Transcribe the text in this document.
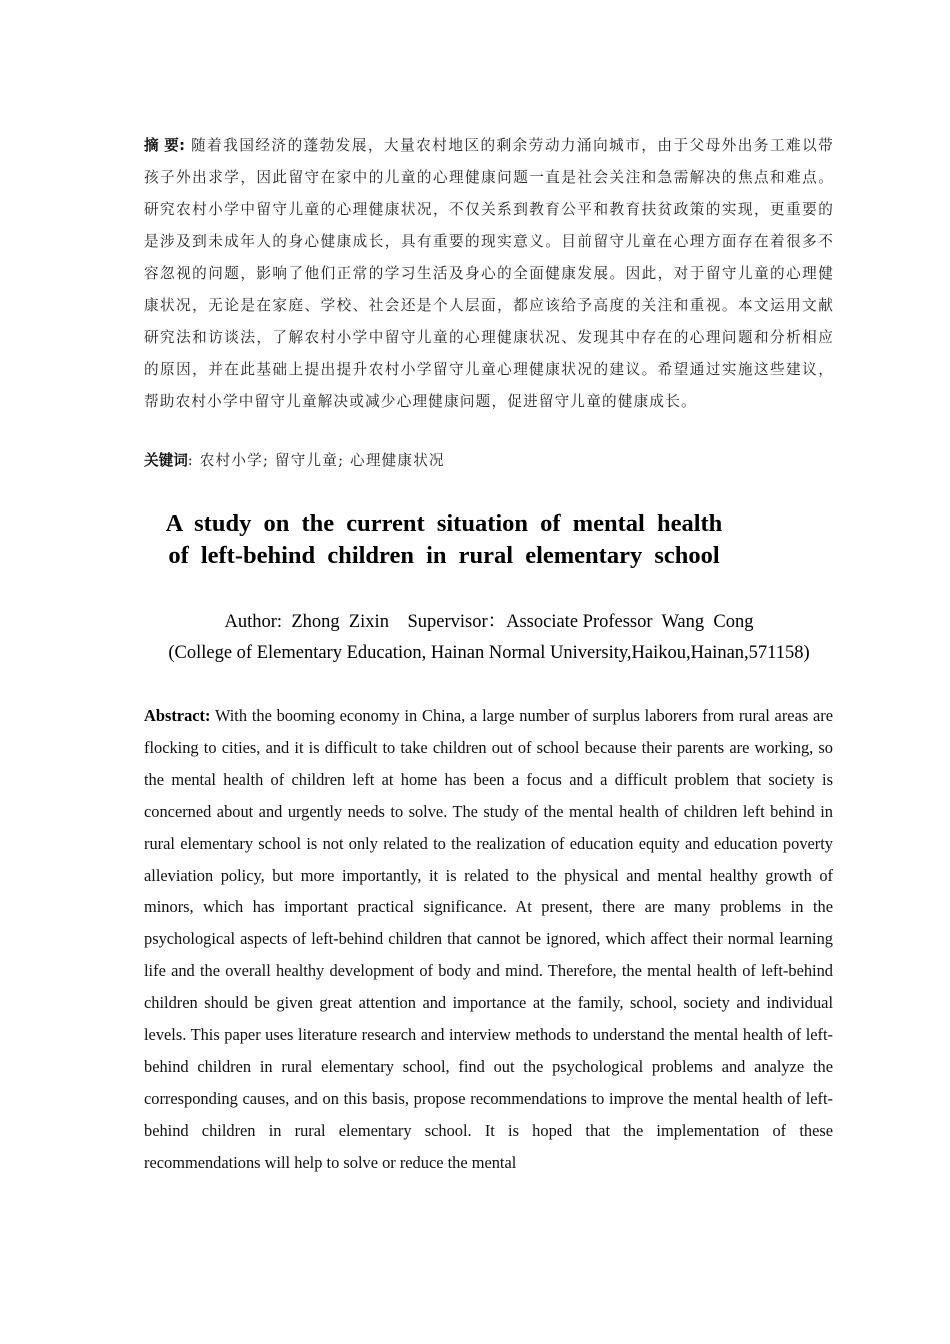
摘 要: 随着我国经济的蓬勃发展，大量农村地区的剩余劳动力涌向城市，由于父母外出务工难以带孩子外出求学，因此留守在家中的儿童的心理健康问题一直是社会关注和急需解决的焦点和难点。研究农村小学中留守儿童的心理健康状况，不仅关系到教育公平和教育扶贫政策的实现，更重要的是涉及到未成年人的身心健康成长，具有重要的现实意义。目前留守儿童在心理方面存在着很多不容忽视的问题，影响了他们正常的学习生活及身心的全面健康发展。因此，对于留守儿童的心理健康状况，无论是在家庭、学校、社会还是个人层面，都应该给予高度的关注和重视。本文运用文献研究法和访谈法，了解农村小学中留守儿童的心理健康状况、发现其中存在的心理问题和分析相应的原因，并在此基础上提出提升农村小学留守儿童心理健康状况的建议。希望通过实施这些建议，帮助农村小学中留守儿童解决或减少心理健康问题，促进留守儿童的健康成长。
关键词: 农村小学; 留守儿童; 心理健康状况
A study on the current situation of mental health
of left-behind children in rural elementary school
Author:  Zhong  Zixin    Supervisor：Associate Professor  Wang  Cong
(College of Elementary Education, Hainan Normal University,Haikou,Hainan,571158)
Abstract: With the booming economy in China, a large number of surplus laborers from rural areas are flocking to cities, and it is difficult to take children out of school because their parents are working, so the mental health of children left at home has been a focus and a difficult problem that society is concerned about and urgently needs to solve. The study of the mental health of children left behind in rural elementary school is not only related to the realization of education equity and education poverty alleviation policy, but more importantly, it is related to the physical and mental healthy growth of minors, which has important practical significance. At present, there are many problems in the psychological aspects of left-behind children that cannot be ignored, which affect their normal learning life and the overall healthy development of body and mind. Therefore, the mental health of left-behind children should be given great attention and importance at the family, school, society and individual levels. This paper uses literature research and interview methods to understand the mental health of left-behind children in rural elementary school, find out the psychological problems and analyze the corresponding causes, and on this basis, propose recommendations to improve the mental health of left-behind children in rural elementary school. It is hoped that the implementation of these recommendations will help to solve or reduce the mental
